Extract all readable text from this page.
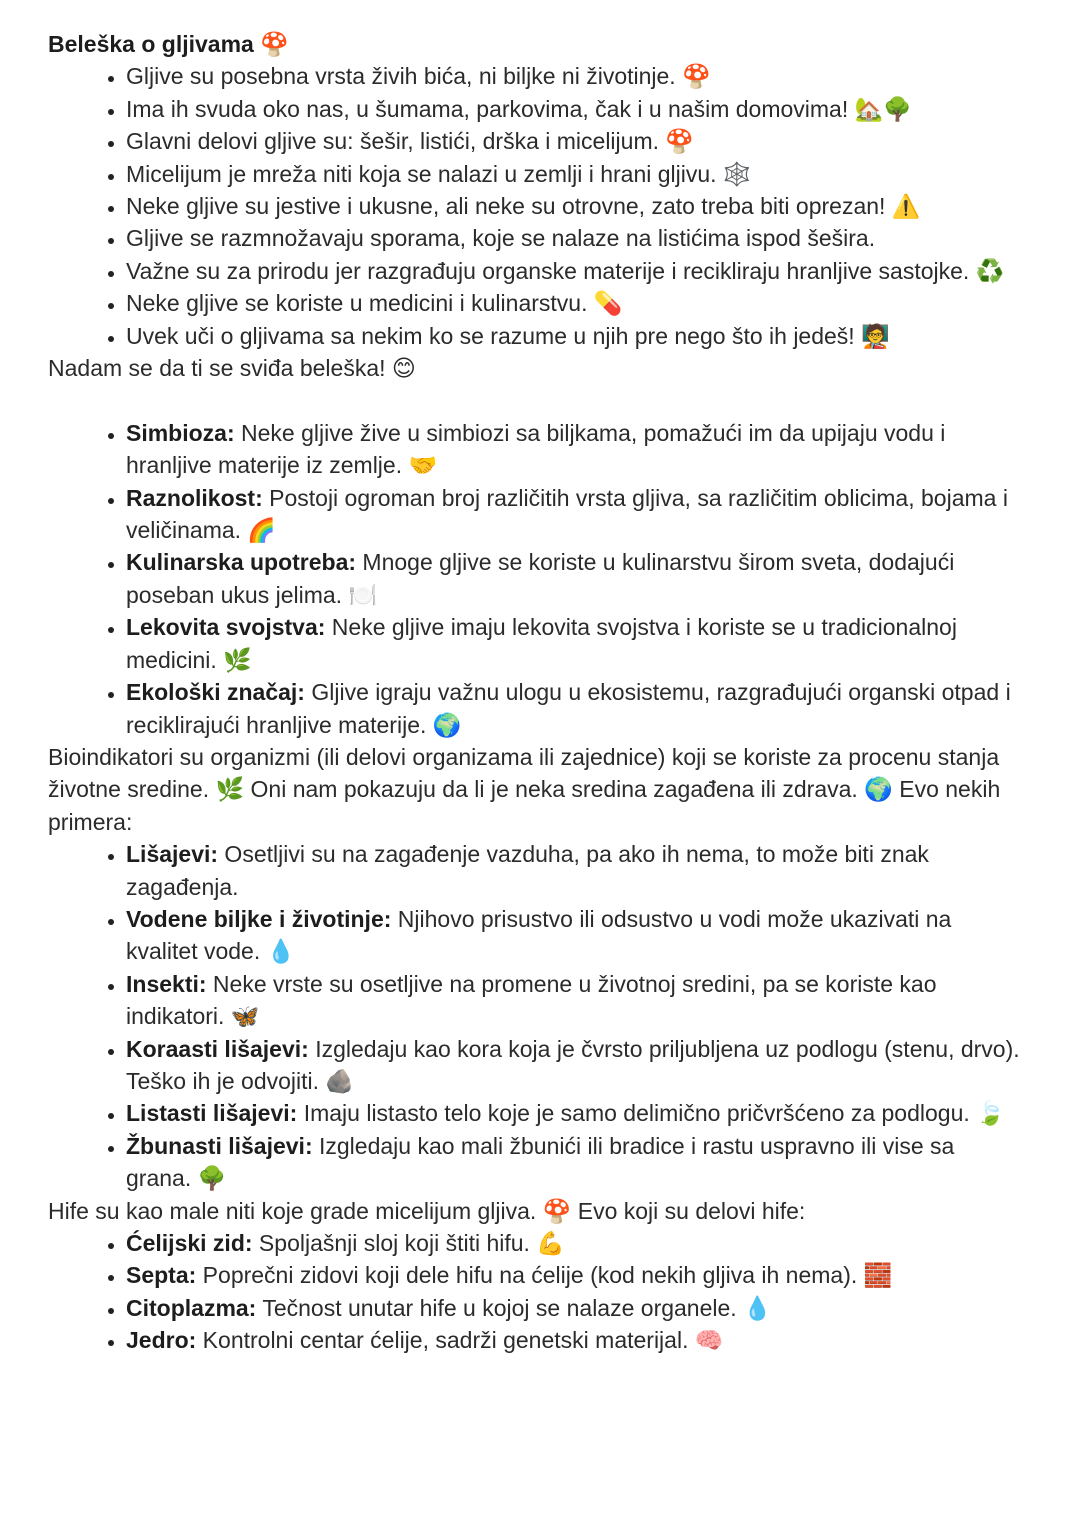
Beleška o gljivama 🍄
• Gljive su posebna vrsta živih bića, ni biljke ni životinje. 🍄
• Ima ih svuda oko nas, u šumama, parkovima, čak i u našim domovima! 🏡🌳
• Glavni delovi gljive su: šešir, listići, drška i micelijum. 🍄
• Micelijum je mreža niti koja se nalazi u zemlji i hrani gljivu. 🕸️
• Neke gljive su jestive i ukusne, ali neke su otrovne, zato treba biti oprezan! ⚠️
• Gljive se razmnožavaju sporama, koje se nalaze na listićima ispod šešira.
• Važne su za prirodu jer razgrađuju organske materije i recikliraju hranljive sastojke. ♻️
• Neke gljive se koriste u medicini i kulinarstvu. 💊
• Uvek uči o gljivama sa nekim ko se razume u njih pre nego što ih jedeš! 🧑‍🏫
Nadam se da ti se sviđa beleška! 😊
• Simbioza: Neke gljive žive u simbiozi sa biljkama, pomažući im da upijaju vodu i hranljive materije iz zemlje. 🤝
• Raznolikost: Postoji ogroman broj različitih vrsta gljiva, sa različitim oblicima, bojama i veličinama. 🌈
• Kulinarska upotreba: Mnoge gljive se koriste u kulinarstvu širom sveta, dodajući poseban ukus jelima. 🍽️
• Lekovita svojstva: Neke gljive imaju lekovita svojstva i koriste se u tradicionalnoj medicini. 🌿
• Ekološki značaj: Gljive igraju važnu ulogu u ekosistemu, razgrađujući organski otpad i reciklirajući hranljive materije. 🌍
Bioindikatori su organizmi (ili delovi organizama ili zajednice) koji se koriste za procenu stanja životne sredine. 🌿 Oni nam pokazuju da li je neka sredina zagađena ili zdrava. 🌍 Evo nekih primera:
• Lišajevi: Osetljivi su na zagađenje vazduha, pa ako ih nema, to može biti znak zagađenja.
• Vodene biljke i životinje: Njihovo prisustvo ili odsustvo u vodi može ukazivati na kvalitet vode. 💧
• Insekti: Neke vrste su osetljive na promene u životnoj sredini, pa se koriste kao indikatori. 🦋
• Koraasti lišajevi: Izgledaju kao kora koja je čvrsto priljubljena uz podlogu (stenu, drvo). Teško ih je odvojiti. 🪨
• Listasti lišajevi: Imaju listasto telo koje je samo delimično pričvršćeno za podlogu. 🍃
• Žbunasti lišajevi: Izgledaju kao mali žbunići ili bradice i rastu uspravno ili vise sa grana. 🌳
Hife su kao male niti koje grade micelijum gljiva. 🍄 Evo koji su delovi hife:
• Ćelijski zid: Spoljašnji sloj koji štiti hifu. 💪
• Septa: Poprečni zidovi koji dele hifu na ćelije (kod nekih gljiva ih nema). 🧱
• Citoplazma: Tečnost unutar hife u kojoj se nalaze organele. 💧
• Jedro: Kontrolni centar ćelije, sadrži genetski materijal. 🧠
